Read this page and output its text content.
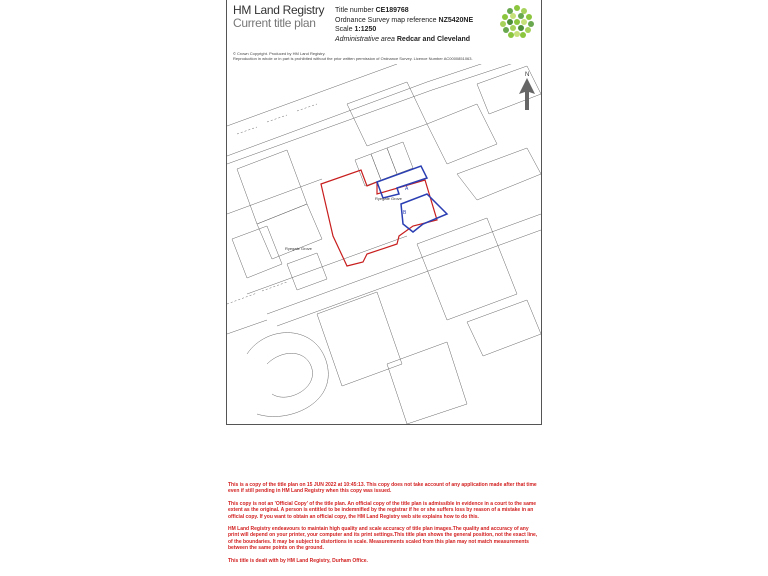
HM Land Registry
Current title plan
Title number CE189768
Ordnance Survey map reference NZ5420NE
Scale 1:1250
Administrative area Redcar and Cleveland
© Crown Copyright. Produced by HM Land Registry.
Reproduction in whole or in part is prohibited without the prior written permission of Ordnance Survey. Licence Number AC0000851063.
N
A
B
Ryegate Grove
Ryegate Grove

This is a copy of the title plan on 15 JUN 2022 at 10:45:13. This copy does not take account of any application made after that time even if still pending in HM Land Registry when this copy was issued.

This copy is not an 'Official Copy' of the title plan. An official copy of the title plan is admissible in evidence in a court to the same extent as the original. A person is entitled to be indemnified by the registrar if he or she suffers loss by reason of a mistake in an official copy. If you want to obtain an official copy, the HM Land Registry web site explains how to do this.

HM Land Registry endeavours to maintain high quality and scale accuracy of title plan images.The quality and accuracy of any print will depend on your printer, your computer and its print settings.This title plan shows the general position, not the exact line, of the boundaries. It may be subject to distortions in scale. Measurements scaled from this plan may not match measurements between the same points on the ground.

This title is dealt with by HM Land Registry, Durham Office.
